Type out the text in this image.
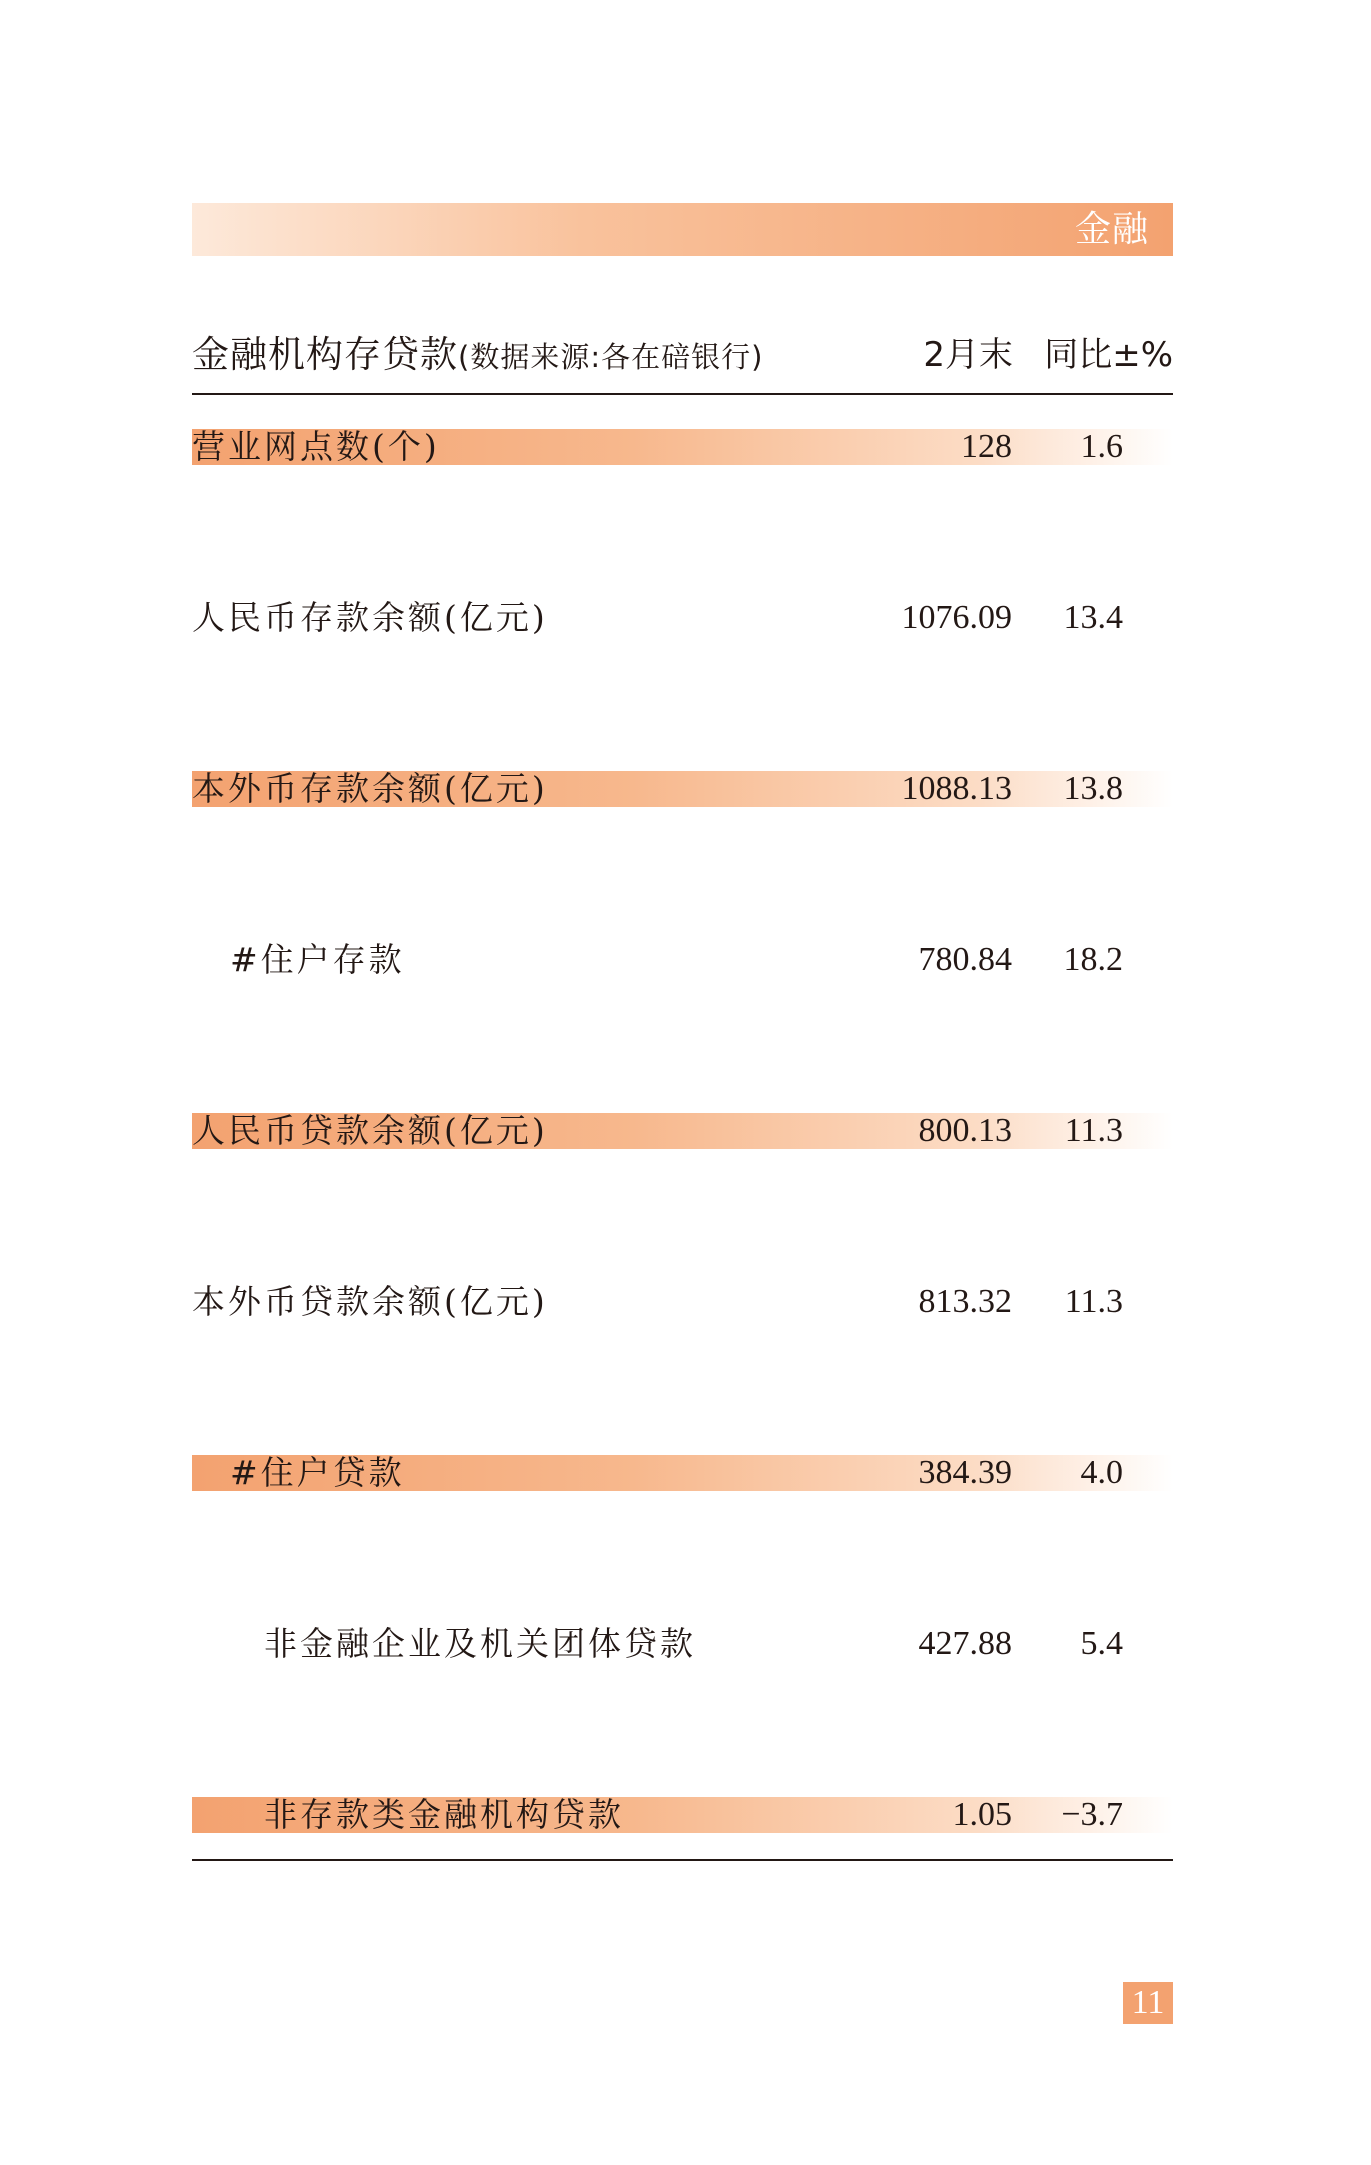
金融
金融机构存贷款(数据来源:各在碚银行)	2月末 同比±%
营业网点数(个)	128	1.6
人民币存款余额(亿元)	1076.09	13.4
本外币存款余额(亿元)	1088.13	13.8
#住户存款	780.84	18.2
人民币贷款余额(亿元)	800.13	11.3
本外币贷款余额(亿元)	813.32	11.3
#住户贷款	384.39	4.0
非金融企业及机关团体贷款	427.88	5.4
非存款类金融机构贷款	1.05	−3.7
11
